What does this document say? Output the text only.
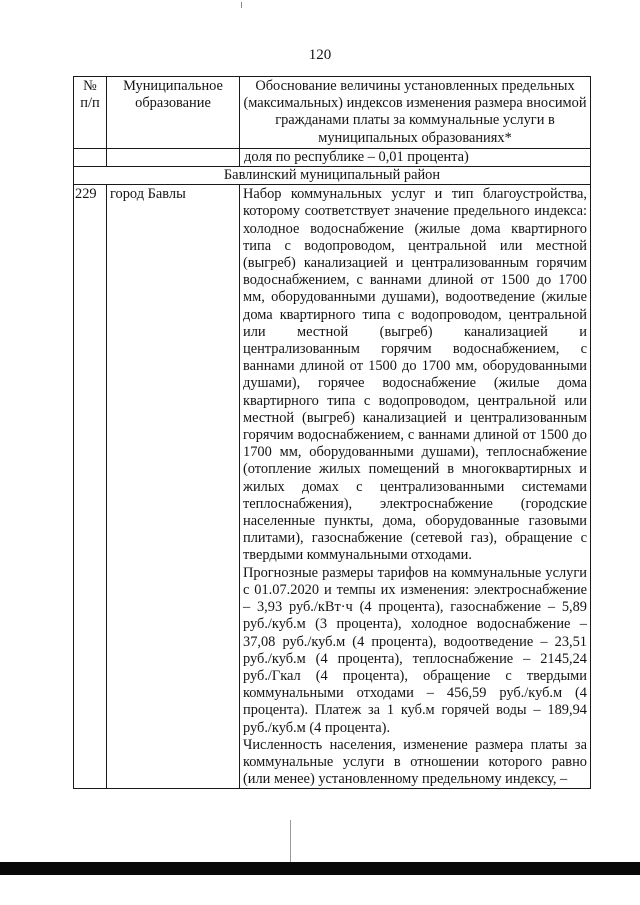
120
№ п/п	Муниципальное образование	Обоснование величины установленных предельных (максимальных) индексов изменения размера вносимой гражданами платы за коммунальные услуги в муниципальных образованиях*
		доля по республике – 0,01 процента)
Бавлинский муниципальный район		
229	город Бавлы	Набор коммунальных услуг и тип благоустройства, которому соответствует значение предельного индекса: холодное водоснабжение (жилые дома квартирного типа с водопроводом, центральной или местной (выгреб) канализацией и централизованным горячим водоснабжением, с ваннами длиной от 1500 до 1700 мм, оборудованными душами), водоотведение (жилые дома квартирного типа с водопроводом, центральной или местной (выгреб) канализацией и централизованным горячим водоснабжением, с ваннами длиной от 1500 до 1700 мм, оборудованными душами), горячее водоснабжение (жилые дома квартирного типа с водопроводом, центральной или местной (выгреб) канализацией и централизованным горячим водоснабжением, с ваннами длиной от 1500 до 1700 мм, оборудованными душами), теплоснабжение (отопление жилых помещений в многоквартирных и жилых домах с централизованными системами теплоснабжения), электроснабжение (городские населенные пункты, дома, оборудованные газовыми плитами), газоснабжение (сетевой газ), обращение с твердыми коммунальными отходами.

Прогнозные размеры тарифов на коммунальные услуги с 01.07.2020 и темпы их изменения: электроснабжение – 3,93 руб./кВт·ч (4 процента), газоснабжение – 5,89 руб./куб.м (3 процента), холодное водоснабжение – 37,08 руб./куб.м (4 процента), водоотведение – 23,51 руб./куб.м (4 процента), теплоснабжение – 2145,24 руб./Гкал (4 процента), обращение с твердыми коммунальными отходами – 456,59 руб./куб.м (4 процента). Платеж за 1 куб.м горячей воды – 189,94 руб./куб.м (4 процента).

Численность населения, изменение размера платы за коммунальные услуги в отношении которого равно (или менее) установленному предельному индексу, –
